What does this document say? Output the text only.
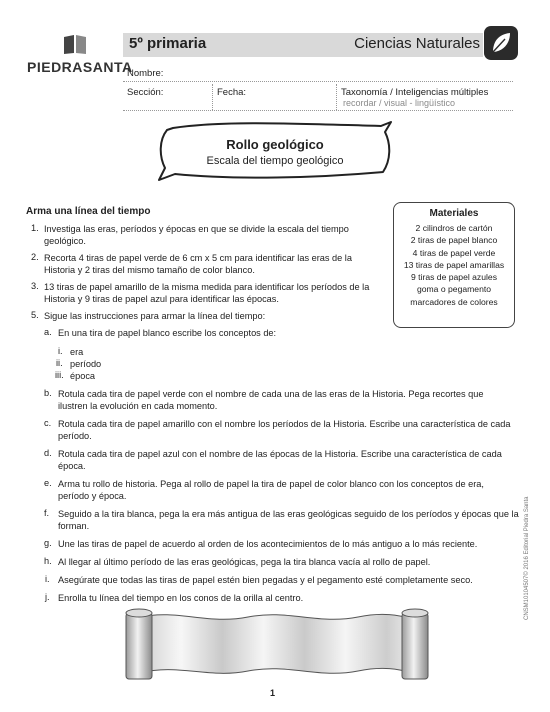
PIEDRASANTA
5º primaria	Ciencias Naturales
Nombre:
Sección:	Fecha:	Taxonomía / Inteligencias múltiples
recordar / visual - lingüístico
Rollo geológico
Escala del tiempo geológico
Materiales
2 cilindros de cartón
2 tiras de papel blanco
4 tiras de papel verde
13 tiras de papel amarillas
9 tiras de papel azules
goma o pegamento
marcadores de colores
Arma una línea del tiempo
1. Investiga las eras, períodos y épocas en que se divide la escala del tiempo
geológico.
2. Recorta 4 tiras de papel verde de 6 cm x 5 cm para identificar las eras de la
Historia y 2 tiras del mismo tamaño de color blanco.
3. 13 tiras de papel amarillo de la misma medida para identificar los períodos de la
Historia y 9 tiras de papel azul para identificar las épocas.
5. Sigue las instrucciones para armar la línea del tiempo:
a. En una tira de papel blanco escribe los conceptos de:
i. era
ii. período
iii. época
b. Rotula cada tira de papel verde con el nombre de cada una de las eras de la Historia. Pega recortes que
ilustren la evolución en cada momento.
c. Rotula cada tira de papel amarillo con el nombre los períodos de la Historia. Escribe una característica de cada
período.
d. Rotula cada tira de papel azul con el nombre de las épocas de la Historia. Escribe una característica de cada
época.
e. Arma tu rollo de historia. Pega al rollo de papel la tira de papel de color blanco con los conceptos de era,
período y época.
f. Seguido a la tira blanca, pega la era más antigua de las eras geológicas seguido de los períodos y épocas que la
forman.
g. Une las tiras de papel de acuerdo al orden de los acontecimientos de lo más antiguo a lo más reciente.
h. Al llegar al último período de las eras geológicas, pega la tira blanca vacía al rollo de papel.
i. Asegúrate que todas las tiras de papel estén bien pegadas y el pegamento esté completamente seco.
j. Enrolla tu línea del tiempo en los conos de la orilla al centro.	CNSM10104507© 2016 Editorial Piedra Santa
1
